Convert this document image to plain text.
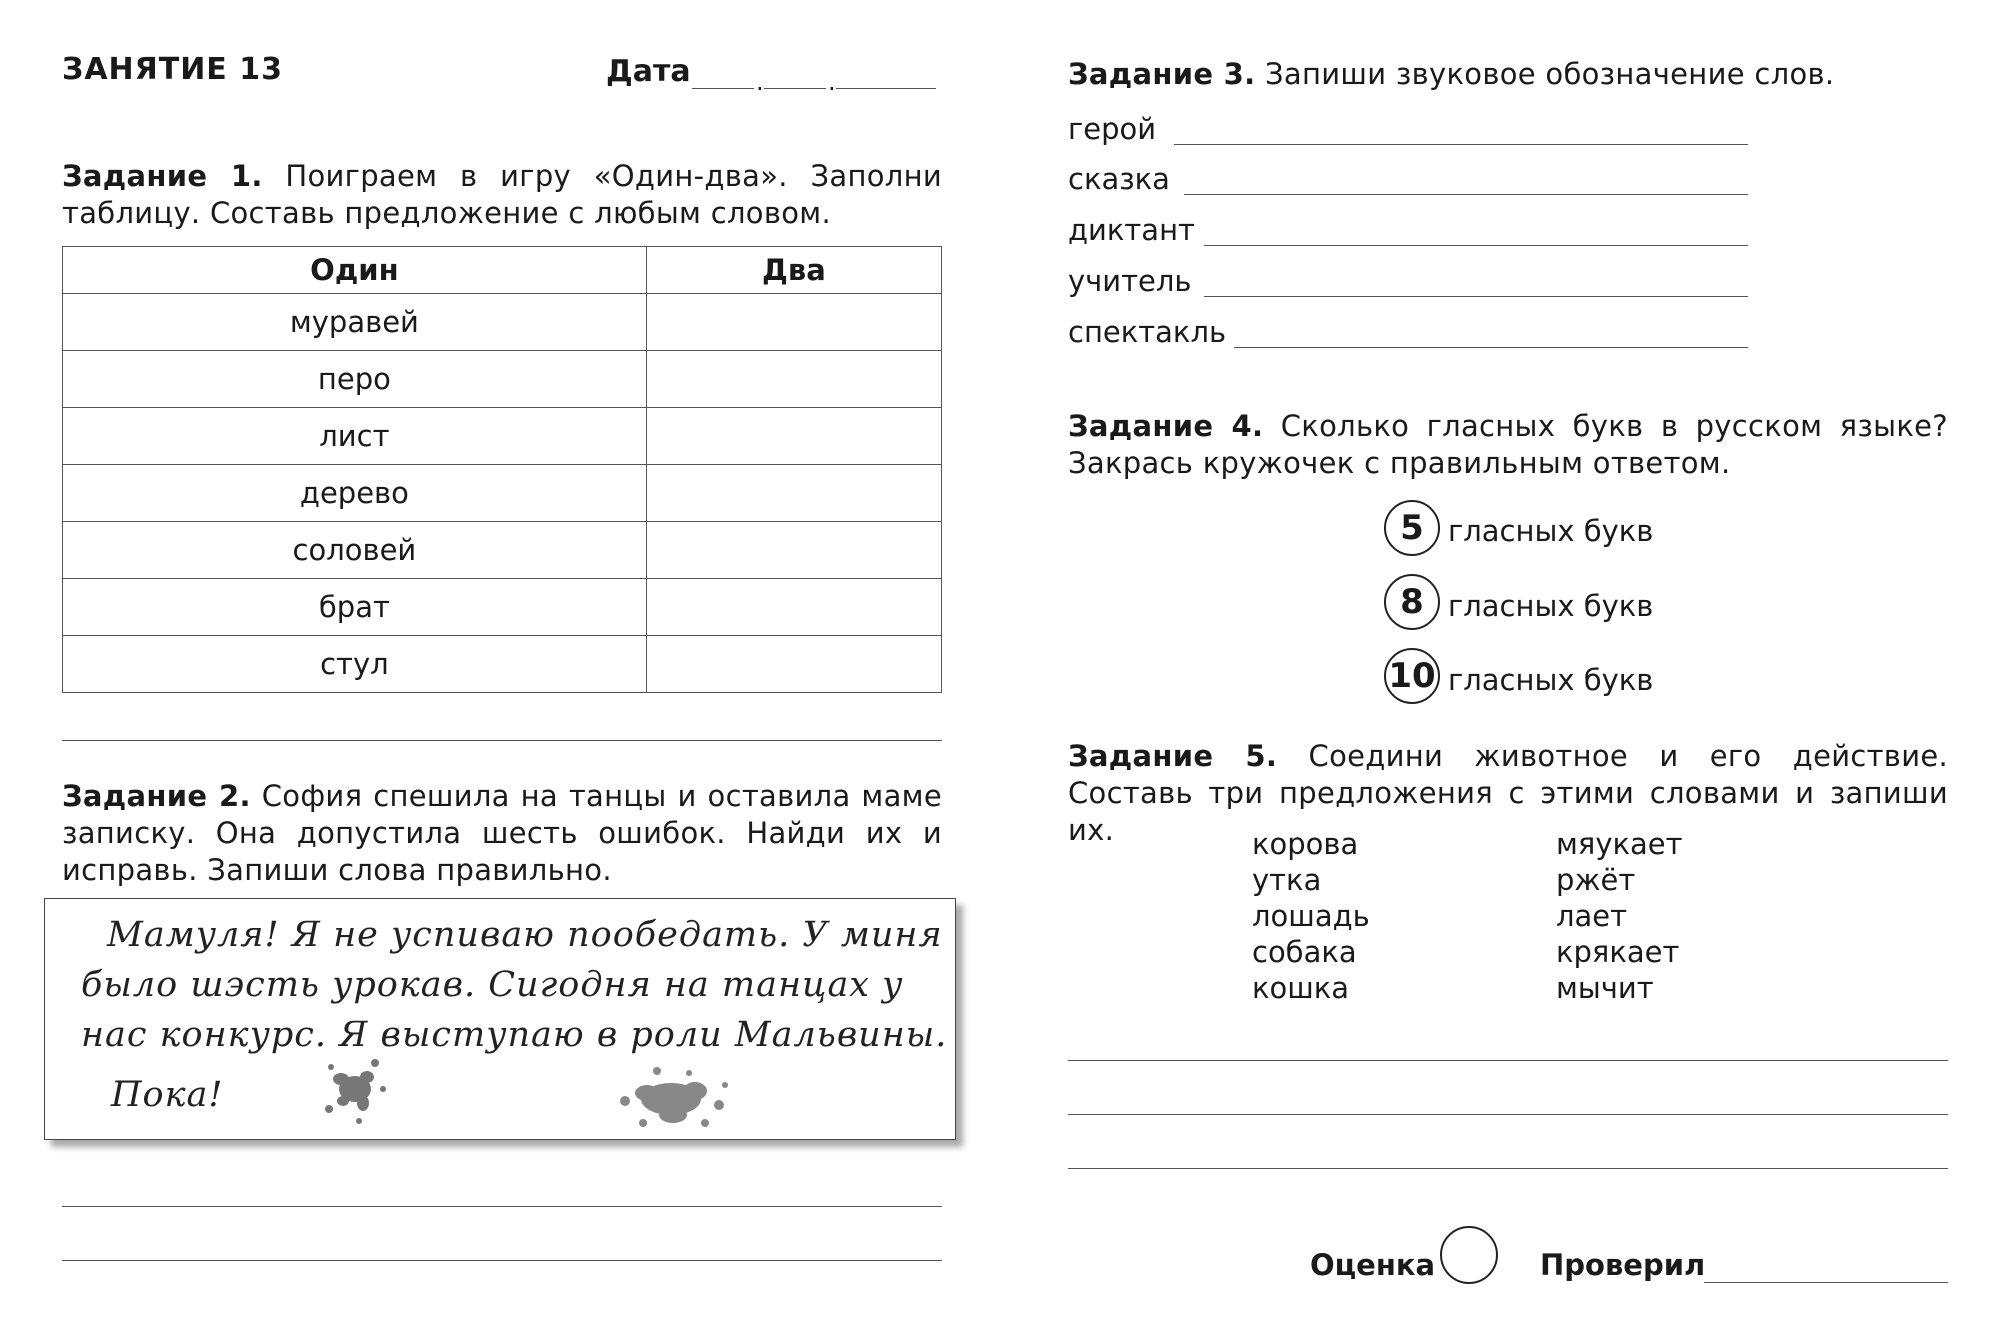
ЗАНЯТИЕ 13	Дата	.	.
Задание 1. Поиграем в игру «Один-два». Заполни таблицу. Составь предложение с любым словом.
Один	Два
муравей	
перо	
лист	
дерево	
соловей	
брат	
стул	
Задание 2. София спешила на танцы и оставила маме записку. Она допустила шесть ошибок. Найди их и исправь. Запиши слова правильно.
Мамуля! Я не успиваю пообедать. У миня
было шэсть урокав. Сигодня на танцах у
нас конкурс. Я выступаю в роли Мальвины.
Пока!
Задание 3. Запиши звуковое обозначение слов.
герой
сказка
диктант
учитель
спектакль
Задание 4. Сколько гласных букв в русском языке? Закрась кружочек с правильным ответом.
5 гласных букв
8 гласных букв
10 гласных букв
Задание 5. Соедини животное и его действие. Составь три предложения с этими словами и запиши их.	корова
утка
лошадь
собака
кошка
мяукает
ржёт
лает
крякает
мычит
Оценка	Проверил
